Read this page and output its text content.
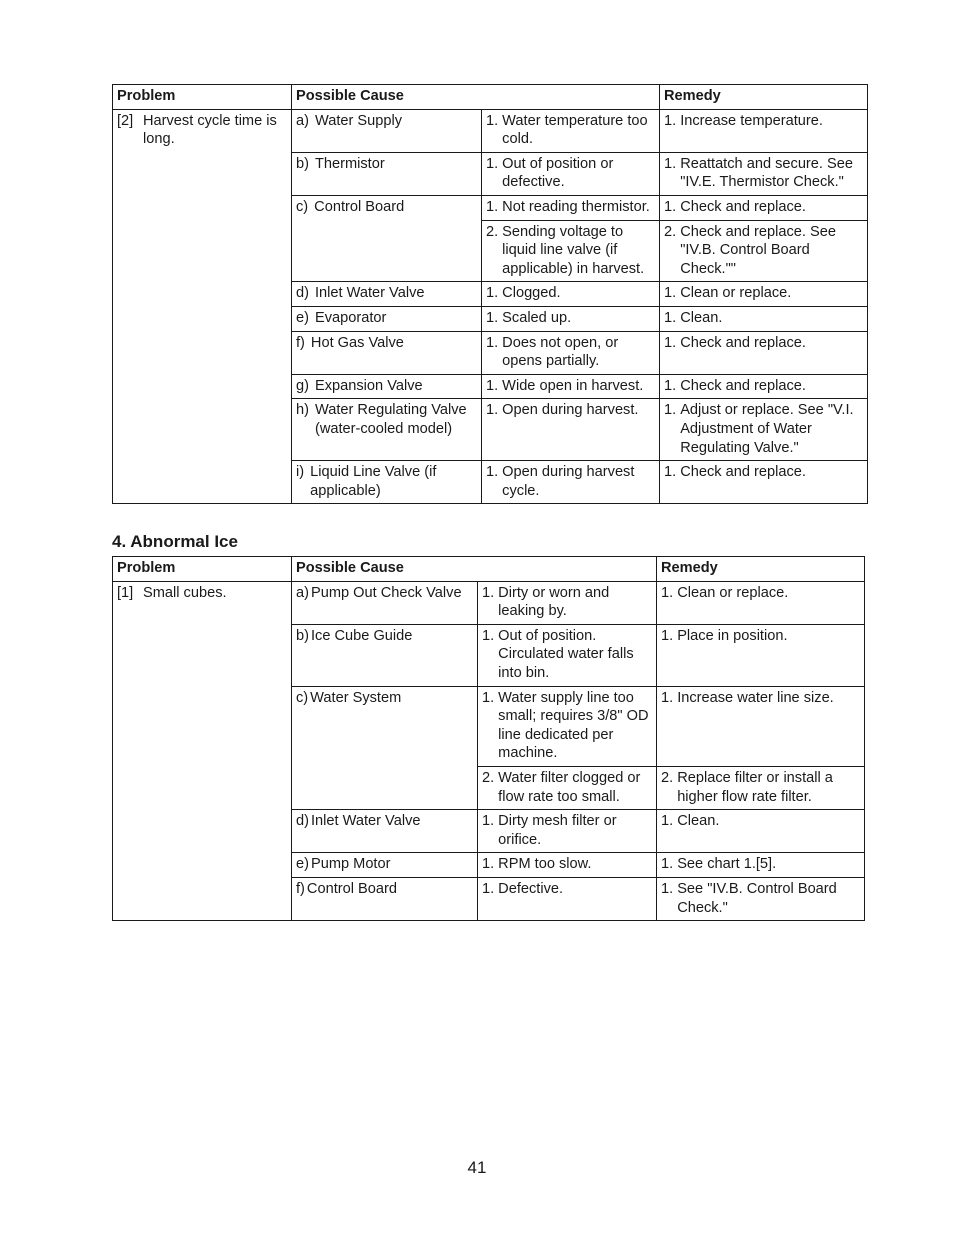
Problem	Possible Cause		Remedy

[2] Harvest cycle time is long.	a) Water Supply	1. Water temperature too cold.	1. Increase temperature.

	b) Thermistor	1. Out of position or defective.	1. Reattatch and secure. See "IV.E. Thermistor Check."

	c) Control Board	1. Not reading thermistor.	1. Check and replace.

		2. Sending voltage to liquid line valve (if applicable) in harvest.	2. Check and replace. See "IV.B. Control Board Check.""

	d) Inlet Water Valve	1. Clogged.	1. Clean or replace.

	e) Evaporator	1. Scaled up.	1. Clean.

	f) Hot Gas Valve	1. Does not open, or opens partially.	1. Check and replace.

	g) Expansion Valve	1. Wide open in harvest.	1. Check and replace.

	h) Water Regulating Valve (water-cooled model)	1. Open during harvest.	1. Adjust or replace. See "V.I. Adjustment of Water Regulating Valve."

	i) Liquid Line Valve (if applicable)	1. Open during harvest cycle.	1. Check and replace.
4. Abnormal Ice
Problem	Possible Cause		Remedy

[1] Small cubes.	a) Pump Out Check Valve	1. Dirty or worn and leaking by.	1. Clean or replace.

	b) Ice Cube Guide	1. Out of position. Circulated water falls into bin.	1. Place in position.

	c) Water System	1. Water supply line too small; requires 3/8" OD line dedicated per machine.	1. Increase water line size.

		2. Water filter clogged or flow rate too small.	2. Replace filter or install a higher flow rate filter.

	d) Inlet Water Valve	1. Dirty mesh filter or orifice.	1. Clean.

	e) Pump Motor	1. RPM too slow.	1. See chart 1.[5].

	f) Control Board	1. Defective.	1. See "IV.B. Control Board Check."
41
